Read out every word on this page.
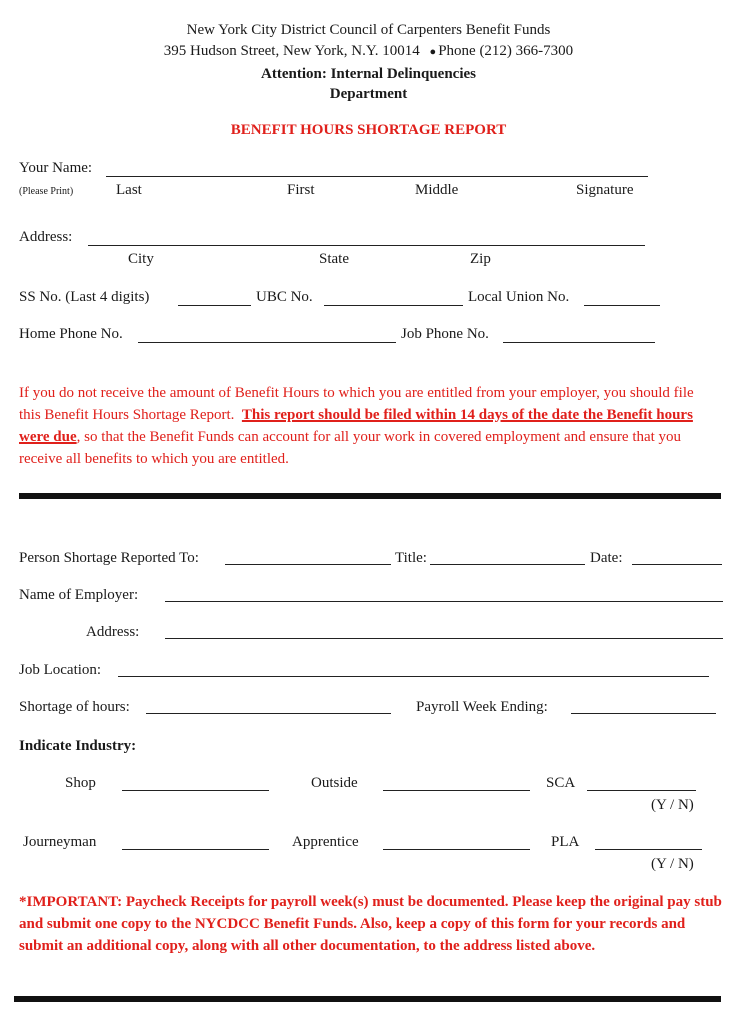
New York City District Council of Carpenters Benefit Funds
395 Hudson Street, New York, N.Y. 10014 ● Phone (212) 366-7300
Attention: Internal Delinquencies
Department
BENEFIT HOURS SHORTAGE REPORT
Your Name:
(Please Print)	Last	First	Middle	Signature
Address:
City	State	Zip
SS No. (Last 4 digits)	UBC No.	Local Union No.
Home Phone No.	Job Phone No.
If you do not receive the amount of Benefit Hours to which you are entitled from your employer, you should file this Benefit Hours Shortage Report. This report should be filed within 14 days of the date the Benefit hours were due, so that the Benefit Funds can account for all your work in covered employment and ensure that you receive all benefits to which you are entitled.
Person Shortage Reported To:	Title:	Date:
Name of Employer:
Address:
Job Location:
Shortage of hours:	Payroll Week Ending:
Indicate Industry:
Shop	Outside	SCA
(Y / N)
Journeyman	Apprentice	PLA
(Y / N)
*IMPORTANT: Paycheck Receipts for payroll week(s) must be documented. Please keep the original pay stub and submit one copy to the NYCDCC Benefit Funds. Also, keep a copy of this form for your records and submit an additional copy, along with all other documentation, to the address listed above.
